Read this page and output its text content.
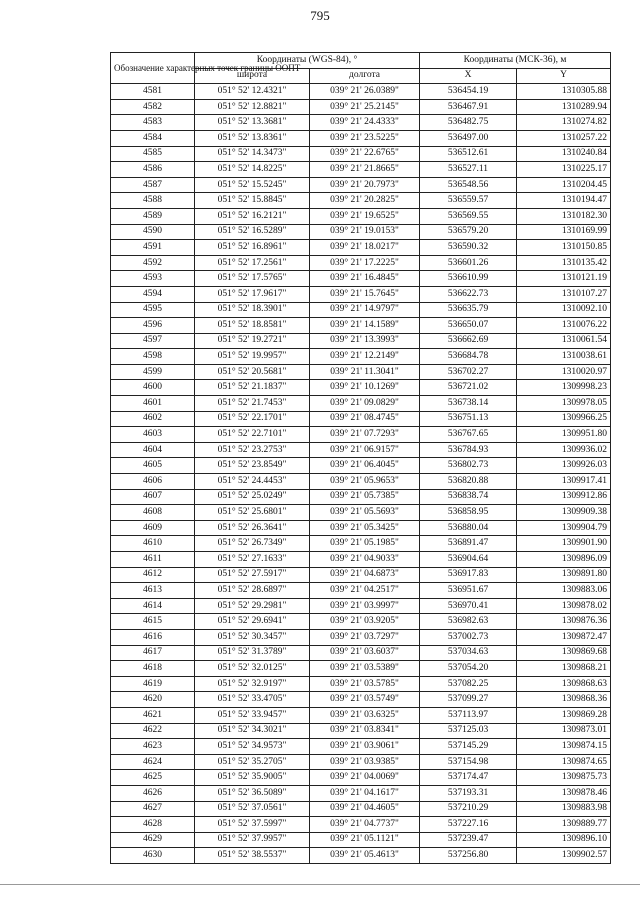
795
Обозначение характерных точек границы ООПТ	Координаты (WGS-84), °		Координаты (МСК-36), м	
	широта	долгота	X	Y
4581	051° 52' 12.4321"	039° 21' 26.0389"	536454.19	1310305.88
4582	051° 52' 12.8821"	039° 21' 25.2145"	536467.91	1310289.94
4583	051° 52' 13.3681"	039° 21' 24.4333"	536482.75	1310274.82
4584	051° 52' 13.8361"	039° 21' 23.5225"	536497.00	1310257.22
4585	051° 52' 14.3473"	039° 21' 22.6765"	536512.61	1310240.84
4586	051° 52' 14.8225"	039° 21' 21.8665"	536527.11	1310225.17
4587	051° 52' 15.5245"	039° 21' 20.7973"	536548.56	1310204.45
4588	051° 52' 15.8845"	039° 21' 20.2825"	536559.57	1310194.47
4589	051° 52' 16.2121"	039° 21' 19.6525"	536569.55	1310182.30
4590	051° 52' 16.5289"	039° 21' 19.0153"	536579.20	1310169.99
4591	051° 52' 16.8961"	039° 21' 18.0217"	536590.32	1310150.85
4592	051° 52' 17.2561"	039° 21' 17.2225"	536601.26	1310135.42
4593	051° 52' 17.5765"	039° 21' 16.4845"	536610.99	1310121.19
4594	051° 52' 17.9617"	039° 21' 15.7645"	536622.73	1310107.27
4595	051° 52' 18.3901"	039° 21' 14.9797"	536635.79	1310092.10
4596	051° 52' 18.8581"	039° 21' 14.1589"	536650.07	1310076.22
4597	051° 52' 19.2721"	039° 21' 13.3993"	536662.69	1310061.54
4598	051° 52' 19.9957"	039° 21' 12.2149"	536684.78	1310038.61
4599	051° 52' 20.5681"	039° 21' 11.3041"	536702.27	1310020.97
4600	051° 52' 21.1837"	039° 21' 10.1269"	536721.02	1309998.23
4601	051° 52' 21.7453"	039° 21' 09.0829"	536738.14	1309978.05
4602	051° 52' 22.1701"	039° 21' 08.4745"	536751.13	1309966.25
4603	051° 52' 22.7101"	039° 21' 07.7293"	536767.65	1309951.80
4604	051° 52' 23.2753"	039° 21' 06.9157"	536784.93	1309936.02
4605	051° 52' 23.8549"	039° 21' 06.4045"	536802.73	1309926.03
4606	051° 52' 24.4453"	039° 21' 05.9653"	536820.88	1309917.41
4607	051° 52' 25.0249"	039° 21' 05.7385"	536838.74	1309912.86
4608	051° 52' 25.6801"	039° 21' 05.5693"	536858.95	1309909.38
4609	051° 52' 26.3641"	039° 21' 05.3425"	536880.04	1309904.79
4610	051° 52' 26.7349"	039° 21' 05.1985"	536891.47	1309901.90
4611	051° 52' 27.1633"	039° 21' 04.9033"	536904.64	1309896.09
4612	051° 52' 27.5917"	039° 21' 04.6873"	536917.83	1309891.80
4613	051° 52' 28.6897"	039° 21' 04.2517"	536951.67	1309883.06
4614	051° 52' 29.2981"	039° 21' 03.9997"	536970.41	1309878.02
4615	051° 52' 29.6941"	039° 21' 03.9205"	536982.63	1309876.36
4616	051° 52' 30.3457"	039° 21' 03.7297"	537002.73	1309872.47
4617	051° 52' 31.3789"	039° 21' 03.6037"	537034.63	1309869.68
4618	051° 52' 32.0125"	039° 21' 03.5389"	537054.20	1309868.21
4619	051° 52' 32.9197"	039° 21' 03.5785"	537082.25	1309868.63
4620	051° 52' 33.4705"	039° 21' 03.5749"	537099.27	1309868.36
4621	051° 52' 33.9457"	039° 21' 03.6325"	537113.97	1309869.28
4622	051° 52' 34.3021"	039° 21' 03.8341"	537125.03	1309873.01
4623	051° 52' 34.9573"	039° 21' 03.9061"	537145.29	1309874.15
4624	051° 52' 35.2705"	039° 21' 03.9385"	537154.98	1309874.65
4625	051° 52' 35.9005"	039° 21' 04.0069"	537174.47	1309875.73
4626	051° 52' 36.5089"	039° 21' 04.1617"	537193.31	1309878.46
4627	051° 52' 37.0561"	039° 21' 04.4605"	537210.29	1309883.98
4628	051° 52' 37.5997"	039° 21' 04.7737"	537227.16	1309889.77
4629	051° 52' 37.9957"	039° 21' 05.1121"	537239.47	1309896.10
4630	051° 52' 38.5537"	039° 21' 05.4613"	537256.80	1309902.57
